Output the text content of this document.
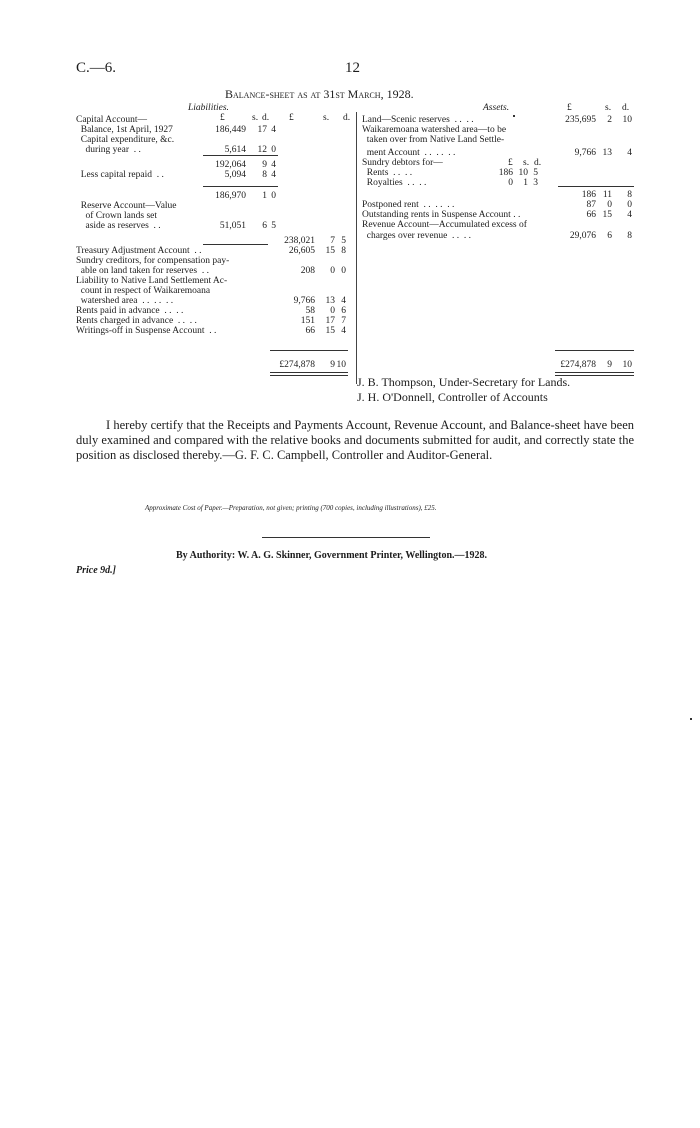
C.—6.	12
Balance-sheet as at 31st March, 1928.
Liabilities.
£	s. d. £	s. d.
Capital Account—
Balance, 1st April, 1927	186,449	17 4
Capital expenditure, &c.
during year  . .	5,614	12 0
192,064	9 4
Less capital repaid  . .	5,094	8 4
186,970	1 0
Reserve Account—Value
of Crown lands set
aside as reserves  . .	51,051	6 5
238,021	7 5
Treasury Adjustment Account  . .	26,605	15 8
Sundry creditors, for compensation pay-
able on land taken for reserves  . .	208	0 0
Liability to Native Land Settlement Ac-
count in respect of Waikaremoana
watershed area  . .  . .  . .	9,766	13 4
Rents paid in advance  . .  . .	58	0 6
Rents charged in advance  . .  . .	151	17 7
Writings-off in Suspense Account  . .	66	15 4
£274,878	9 10
Assets.	£	s. d.
£ s. d.
Land—Scenic reserves  . .  . .	235,695	2	10
Waikaremoana watershed area—to be
taken over from Native Land Settle-
ment Account  . .  . .  . .	9,766 13	4
Sundry debtors for—
Rents  . .  . .	186 10 5
Royalties  . .  . .	0	1 3
186 11	8
Postponed rent  . .  . .  . .	87	0	0
Outstanding rents in Suspense Account . .	66 15	4
Revenue Account—Accumulated excess of
charges over revenue  . .  . .	29,076	6	8
£274,878	9	10
J. B. Thompson, Under-Secretary for Lands.
J. H. O'Donnell, Controller of Accounts
I hereby certify that the Receipts and Payments Account, Revenue Account, and Balance-sheet have been duly examined and compared with the relative books and documents submitted for audit, and correctly state the position as disclosed thereby.—G. F. C. Campbell, Controller and Auditor-General.
Approximate Cost of Paper.—Preparation, not given; printing (700 copies, including illustrations), £25.
By Authority: W. A. G. Skinner, Government Printer, Wellington.—1928.
Price 9d.]
